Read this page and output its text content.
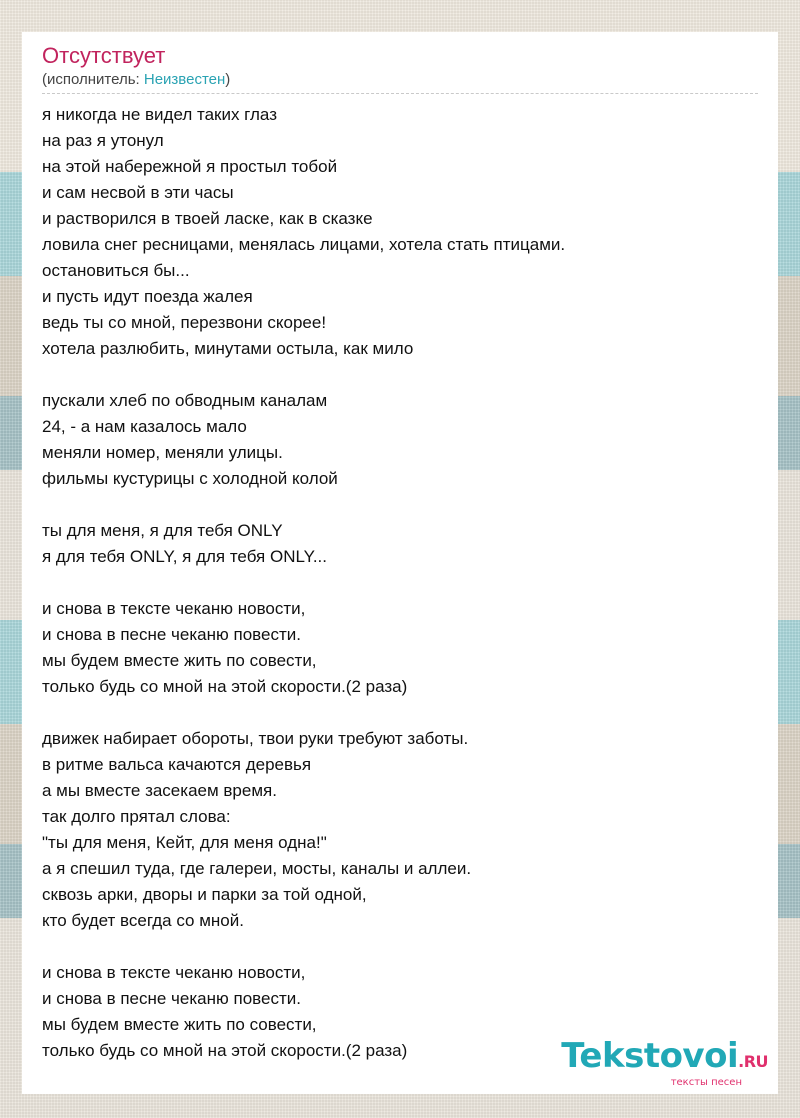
Отсутствует
(исполнитель: Неизвестен)
я никогда не видел таких глаз
на раз я утонул
на этой набережной я простыл тобой
и сам несвой в эти часы
и растворился в твоей ласке, как в сказке
ловила снег ресницами, менялась лицами, хотела стать птицами.
остановиться бы...
и пусть идут поезда жалея
ведь ты со мной, перезвони скорее!
хотела разлюбить, минутами остыла, как мило
пускали хлеб по обводным каналам
24, - а нам казалось мало
меняли номер, меняли улицы.
фильмы кустурицы с холодной колой
ты для меня, я для тебя ONLY
я для тебя ONLY, я для тебя ONLY...
и снова в тексте чеканю новости,
и снова в песне чеканю повести.
мы будем вместе жить по совести,
только будь со мной на этой скорости.(2 раза)
движек набирает обороты, твои руки требуют заботы.
в ритме вальса качаются деревья
а мы вместе засекаем время.
так долго прятал слова:
"ты для меня, Кейт, для меня одна!"
а я спешил туда, где галереи, мосты, каналы и аллеи.
сквозь арки, дворы и парки за той одной,
кто будет всегда со мной.
и снова в тексте чеканю новости,
и снова в песне чеканю повести.
мы будем вместе жить по совести,
только будь со мной на этой скорости.(2 раза)	Tekstovoi.RU
тексты песен
